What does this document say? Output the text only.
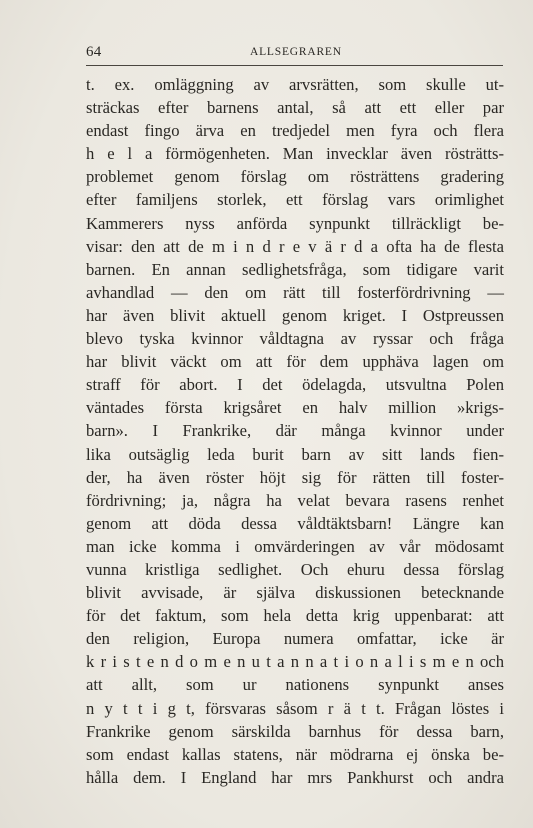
64	ALLSEGRAREN
t. ex. omläggning av arvsrätten, som skulle ut-
sträckas efter barnens antal, så att ett eller par
endast fingo ärva en tredjedel men fyra och flera
h e l a förmögenheten. Man invecklar även rösträtts-
problemet genom förslag om rösträttens gradering
efter familjens storlek, ett förslag vars orimlighet
Kammerers nyss anförda synpunkt tillräckligt be-
visar: den att de m i n d r e v ä r d a ofta ha de flesta
barnen. En annan sedlighetsfråga, som tidigare varit
avhandlad — den om rätt till fosterfördrivning —
har även blivit aktuell genom kriget. I Ostpreussen
blevo tyska kvinnor våldtagna av ryssar och fråga
har blivit väckt om att för dem upphäva lagen om
straff för abort. I det ödelagda, utsvultna Polen
väntades första krigsåret en halv million »krigs-
barn». I Frankrike, där många kvinnor under
lika outsäglig leda burit barn av sitt lands fien-
der, ha även röster höjt sig för rätten till foster-
fördrivning; ja, några ha velat bevara rasens renhet
genom att döda dessa våldtäktsbarn! Längre kan
man icke komma i omvärderingen av vår mödosamt
vunna kristliga sedlighet. Och ehuru dessa förslag
blivit avvisade, är själva diskussionen betecknande
för det faktum, som hela detta krig uppenbarat: att
den religion, Europa numera omfattar, icke är
k r i s t e n d o m e n u t a n n a t i o n a l i s m e n och
att allt, som ur nationens synpunkt anses
n y t t i g t, försvaras såsom r ä t t. Frågan löstes i
Frankrike genom särskilda barnhus för dessa barn,
som endast kallas statens, när mödrarna ej önska be-
hålla dem. I England har mrs Pankhurst och andra
